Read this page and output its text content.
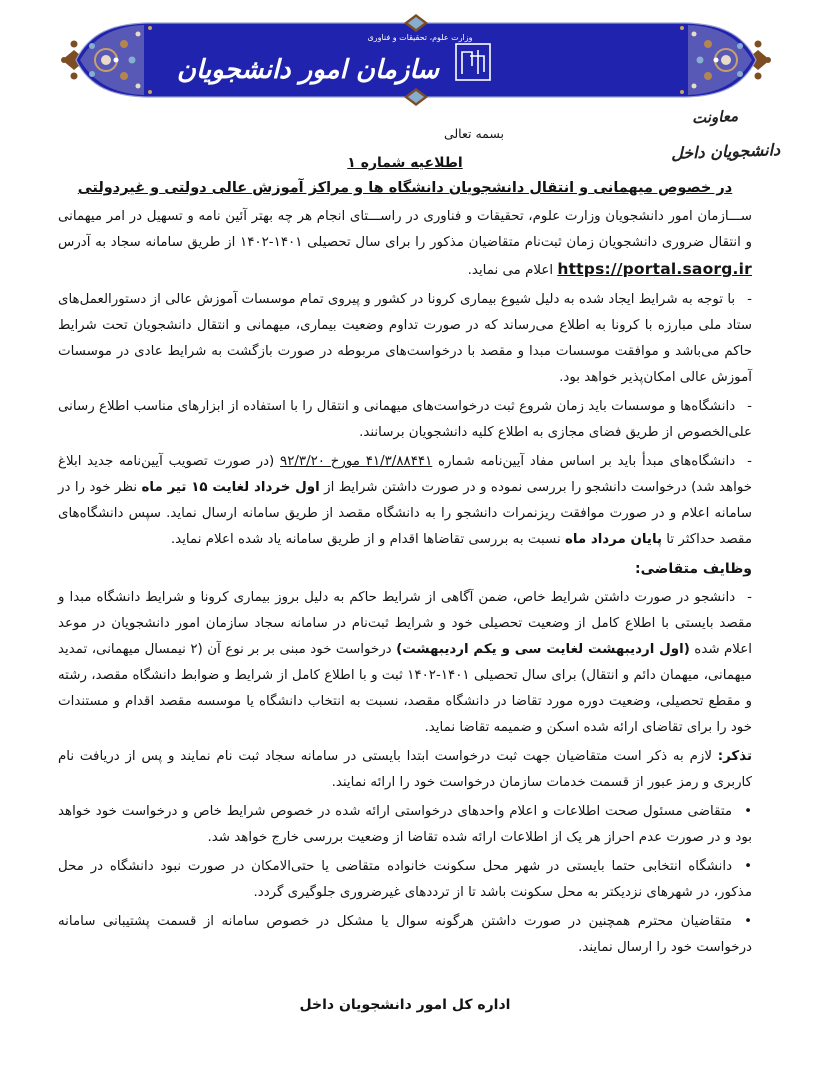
وزارت علوم، تحقیقات و فناوری
سازمان امور دانشجویان
معاونت
دانشجویان داخل
بسمه تعالی
اطلاعیه شماره ۱
در خصوص میهمانی و انتقال دانشجویان دانشگاه ها و مراکز آموزش عالی دولتی و غیردولتی
ســـازمان امور دانشجویان وزارت علوم، تحقیقات و فناوری در راســـتای انجام هر چه بهتر آئین نامه و تسهیل در امر میهمانی و انتقال ضروری دانشجویان زمان ثبت‌نام متقاضیان مذکور را برای سال تحصیلی ۱۴۰۱-۱۴۰۲ از طریق سامانه سجاد به آدرس https://portal.saorg.ir اعلام می نماید.
-با توجه به شرایط ایجاد شده به دلیل شیوع بیماری کرونا در کشور و پیروی تمام موسسات آموزش عالی از دستورالعمل‌های ستاد ملی مبارزه با کرونا به اطلاع می‌رساند که در صورت تداوم وضعیت بیماری، میهمانی و انتقال دانشجویان تحت شرایط حاکم می‌باشد و موافقت موسسات مبدا و مقصد با درخواست‌های مربوطه در صورت بازگشت به شرایط عادی در موسسات آموزش عالی امکان‌پذیر خواهد بود.
-دانشگاه‌ها و موسسات باید زمان شروع ثبت درخواست‌های میهمانی و انتقال را با استفاده از ابزارهای مناسب اطلاع رسانی علی‌الخصوص از طریق فضای مجازی به اطلاع کلیه دانشجویان برسانند.
-دانشگاه‌های مبدأ باید بر اساس مفاد آیین‌نامه شماره ۴۱/۳/۸۸۴۴۱ مورخ ۹۲/۳/۲۰ (در صورت تصویب آیین‌نامه جدید ابلاغ خواهد شد) درخواست دانشجو را بررسی نموده و در صورت داشتن شرایط از اول خرداد لغایت ۱۵ تیر ماه نظر خود را در سامانه اعلام و در صورت موافقت ریزنمرات دانشجو را به دانشگاه مقصد از طریق سامانه ارسال نماید. سپس دانشگاه‌های مقصد حداکثر تا پایان مرداد ماه نسبت به بررسی تقاضاها اقدام و از طریق سامانه یاد شده اعلام نماید.
وظایف متقاضی:
-دانشجو در صورت داشتن شرایط خاص، ضمن آگاهی از شرایط حاکم به دلیل بروز بیماری کرونا و شرایط دانشگاه مبدا و مقصد بایستی با اطلاع کامل از وضعیت تحصیلی خود و شرایط ثبت‌نام در سامانه سجاد سازمان امور دانشجویان در موعد اعلام شده (اول اردیبهشت لغایت سی و یکم اردیبهشت) درخواست خود مبنی بر بر نوع آن (۲ نیمسال میهمانی، تمدید میهمانی، میهمان دائم و انتقال) برای سال تحصیلی ۱۴۰۱-۱۴۰۲ ثبت و با اطلاع کامل از شرایط و ضوابط دانشگاه مقصد، رشته و مقطع تحصیلی، وضعیت دوره مورد تقاضا در دانشگاه مقصد، نسبت به انتخاب دانشگاه یا موسسه مقصد اقدام و مستندات خود را برای تقاضای ارائه شده اسکن و ضمیمه تقاضا نماید.
تذکر: لازم به ذکر است متقاضیان جهت ثبت درخواست ابتدا بایستی در سامانه سجاد ثبت نام نمایند و پس از دریافت نام کاربری و رمز عبور از قسمت خدمات سازمان درخواست خود را ارائه نمایند.
•متقاضی مسئول صحت اطلاعات و اعلام واحدهای درخواستی ارائه شده در خصوص شرایط خاص و درخواست خود خواهد بود و در صورت عدم احراز هر یک از اطلاعات ارائه شده تقاضا از وضعیت بررسی خارج خواهد شد.
•دانشگاه انتخابی حتما بایستی در شهر محل سکونت خانواده متقاضی یا حتی‌الامکان در صورت نبود دانشگاه در محل مذکور، در شهرهای نزدیکتر به محل سکونت باشد تا از ترددهای غیرضروری جلوگیری گردد.
•متقاضیان محترم همچنین در صورت داشتن هرگونه سوال یا مشکل در خصوص سامانه از قسمت پشتیبانی سامانه درخواست خود را ارسال نمایند.
اداره کل امور دانشجویان داخل
